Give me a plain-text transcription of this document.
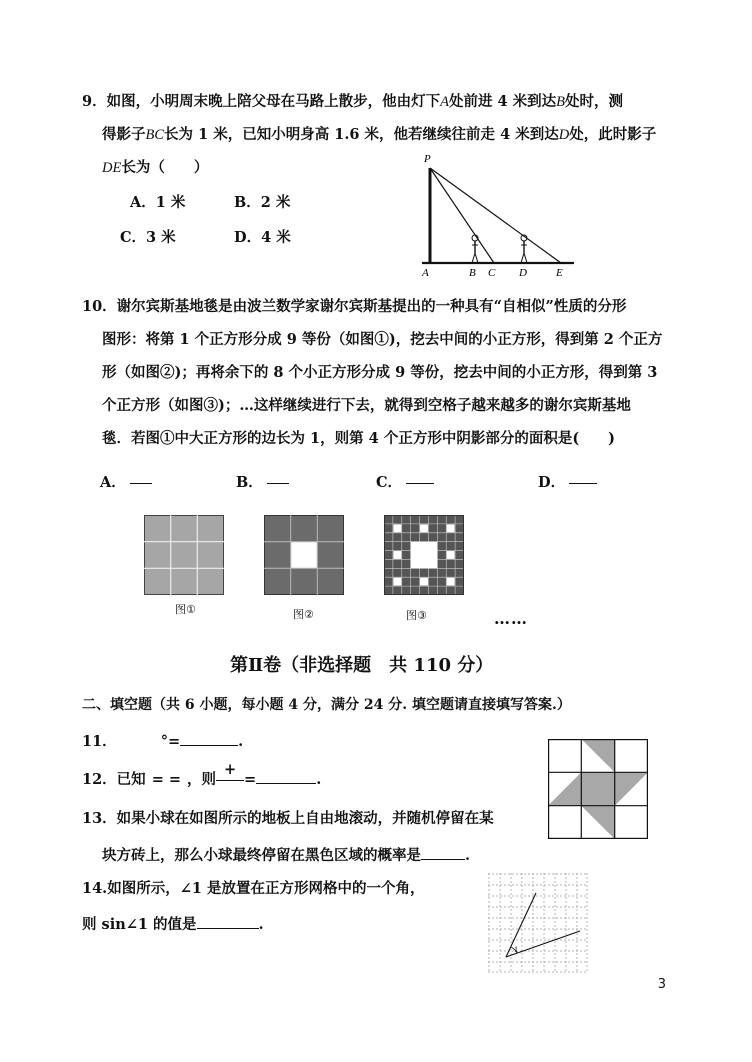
9．如图，小明周末晚上陪父母在马路上散步，他由灯下A处前进 4 米到达B处时，测
得影子BC长为 1 米，已知小明身高 1.6 米，他若继续往前走 4 米到达D处，此时影子
DE长为（　　）
A．1 米	B．2 米
C．3 米	D．4 米
P
A	B C D	E
10．谢尔宾斯基地毯是由波兰数学家谢尔宾斯基提出的一种具有“自相似”性质的分形
图形：将第 1 个正方形分成 9 等份（如图①)，挖去中间的小正方形，得到第 2 个正方
形（如图②)；再将余下的 8 个小正方形分成 9 等份，挖去中间的小正方形，得到第 3
个正方形（如图③)；…这样继续进行下去，就得到空格子越来越多的谢尔宾斯基地
毯．若图①中大正方形的边长为 1，则第 4 个正方形中阴影部分的面积是(　　)
A．	B．	C．	D．
图①	图②	图③	……
第Ⅱ卷（非选择题　共 110 分）
二、填空题（共 6 小题，每小题 4 分，满分 24 分. 填空题请直接填写答案.）
11．	°=	.
12．已知 = = ，则
+
=	.
13．如果小球在如图所示的地板上自由地滚动，并随机停留在某
块方砖上，那么小球最终停留在黑色区域的概率是	.
14.如图所示，∠1 是放置在正方形网格中的一个角，
则 sin∠1 的值是	.
1
3
